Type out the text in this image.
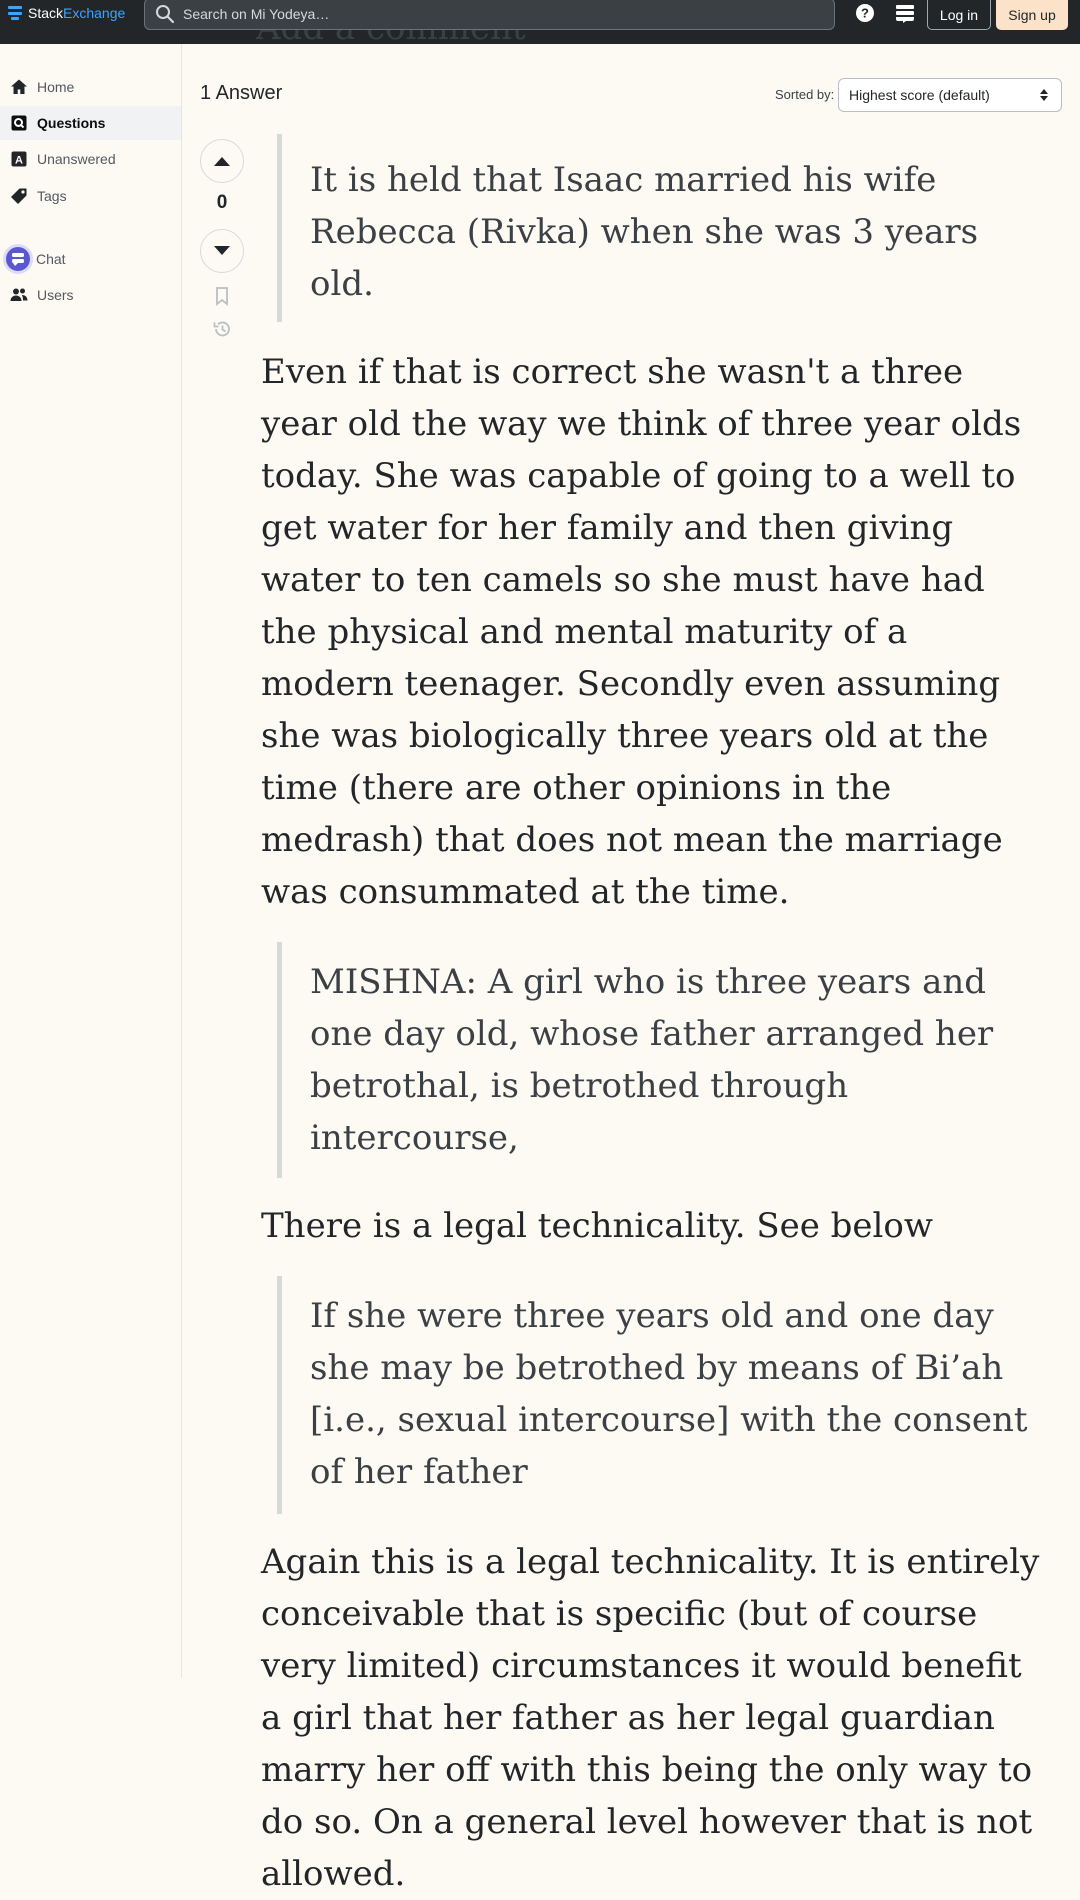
StackExchange
Search on Mi Yodeya…	?	Log in	Sign up
Home
Questions
A Unanswered
Tags
Chat
Users
1 Answer	Sorted by: Highest score (default)
0
It is held that Isaac married his wife Rebecca (Rivka) when she was 3 years old.

Even if that is correct she wasn't a three year old the way we think of three year olds today. She was capable of going to a well to get water for her family and then giving water to ten camels so she must have had the physical and mental maturity of a modern teenager. Secondly even assuming she was biologically three years old at the time (there are other opinions in the medrash) that does not mean the marriage was consummated at the time.

MISHNA: A girl who is three years and one day old, whose father arranged her betrothal, is betrothed through intercourse,

There is a legal technicality. See below

If she were three years old and one day she may be betrothed by means of Bi’ah [i.e., sexual intercourse] with the consent of her father

Again this is a legal technicality. It is entirely conceivable that is specific (but of course very limited) circumstances it would benefit a girl that her father as her legal guardian marry her off with this being the only way to do so. On a general level however that is not allowed.
